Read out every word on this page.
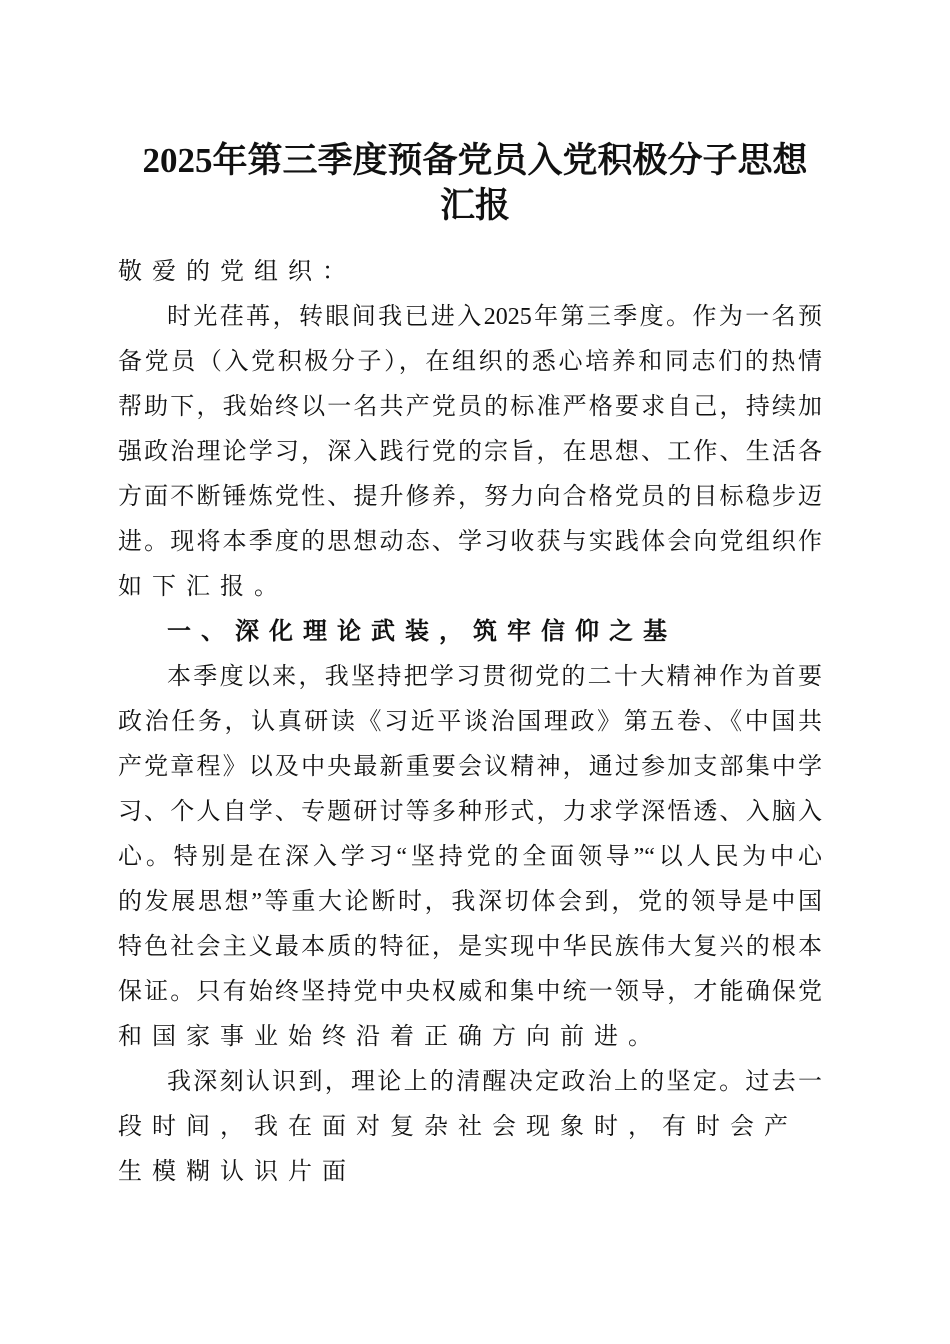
2025年第三季度预备党员入党积极分子思想
汇报
敬爱的党组织：
时光荏苒，转眼间我已进入2025年第三季度。作为一名预
备党员（入党积极分子），在组织的悉心培养和同志们的热情
帮助下，我始终以一名共产党员的标准严格要求自己，持续加
强政治理论学习，深入践行党的宗旨，在思想、工作、生活各
方面不断锤炼党性、提升修养，努力向合格党员的目标稳步迈
进。现将本季度的思想动态、学习收获与实践体会向党组织作
如下汇报。
一、深化理论武装，筑牢信仰之基
本季度以来，我坚持把学习贯彻党的二十大精神作为首要
政治任务，认真研读《习近平谈治国理政》第五卷、《中国共
产党章程》以及中央最新重要会议精神，通过参加支部集中学
习、个人自学、专题研讨等多种形式，力求学深悟透、入脑入
心。特别是在深入学习“坚持党的全面领导”“以人民为中心
的发展思想”等重大论断时，我深切体会到，党的领导是中国
特色社会主义最本质的特征，是实现中华民族伟大复兴的根本
保证。只有始终坚持党中央权威和集中统一领导，才能确保党
和国家事业始终沿着正确方向前进。
我深刻认识到，理论上的清醒决定政治上的坚定。过去一
段时间，我在面对复杂社会现象时，有时会产生模糊认识片面
